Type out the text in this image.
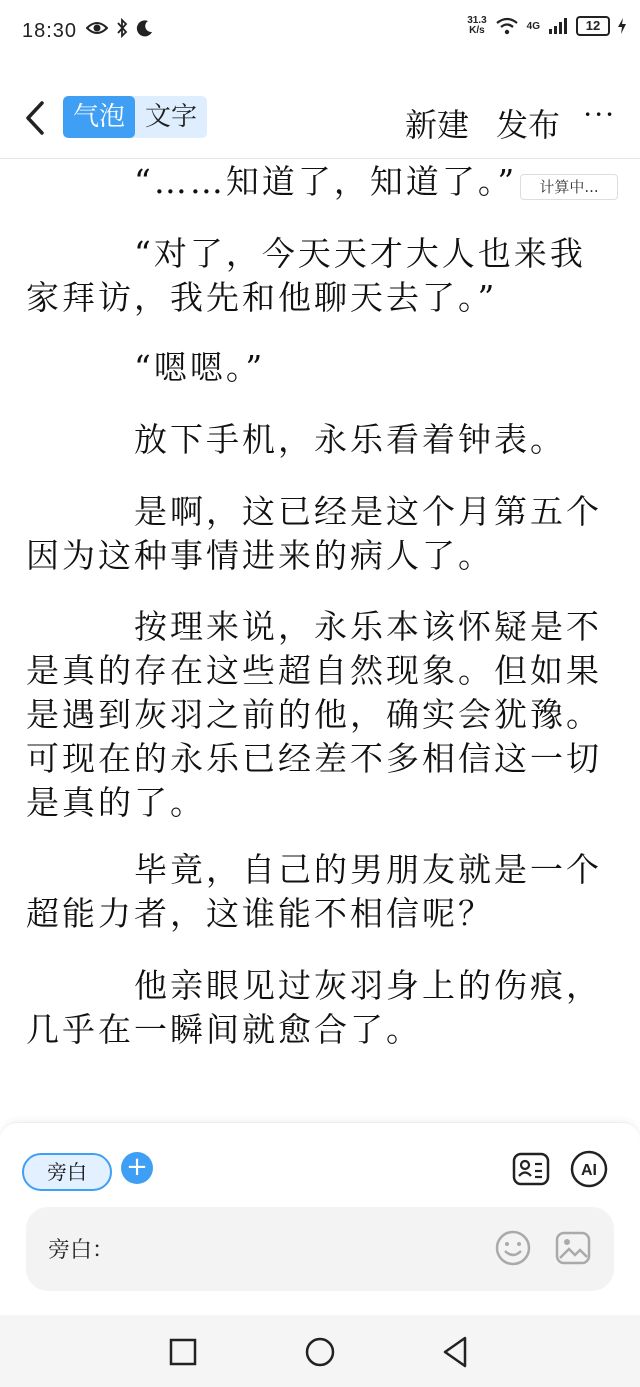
18:30	31.3
K/s	4G	12
气泡 文字	新建 发布 ···
　　　“……知道了，知道了。”
　　　“对了，今天天才大人也来我家拜访，我先和他聊天去了。”
　　　“嗯嗯。”
　　　放下手机，永乐看着钟表。
　　　是啊，这已经是这个月第五个因为这种事情进来的病人了。
　　　按理来说，永乐本该怀疑是不是真的存在这些超自然现象。但如果是遇到灰羽之前的他，确实会犹豫。可现在的永乐已经差不多相信这一切是真的了。
　　　毕竟，自己的男朋友就是一个超能力者，这谁能不相信呢？
　　　他亲眼见过灰羽身上的伤痕，几乎在一瞬间就愈合了。
计算中...
旁白	+	AI
旁白：
